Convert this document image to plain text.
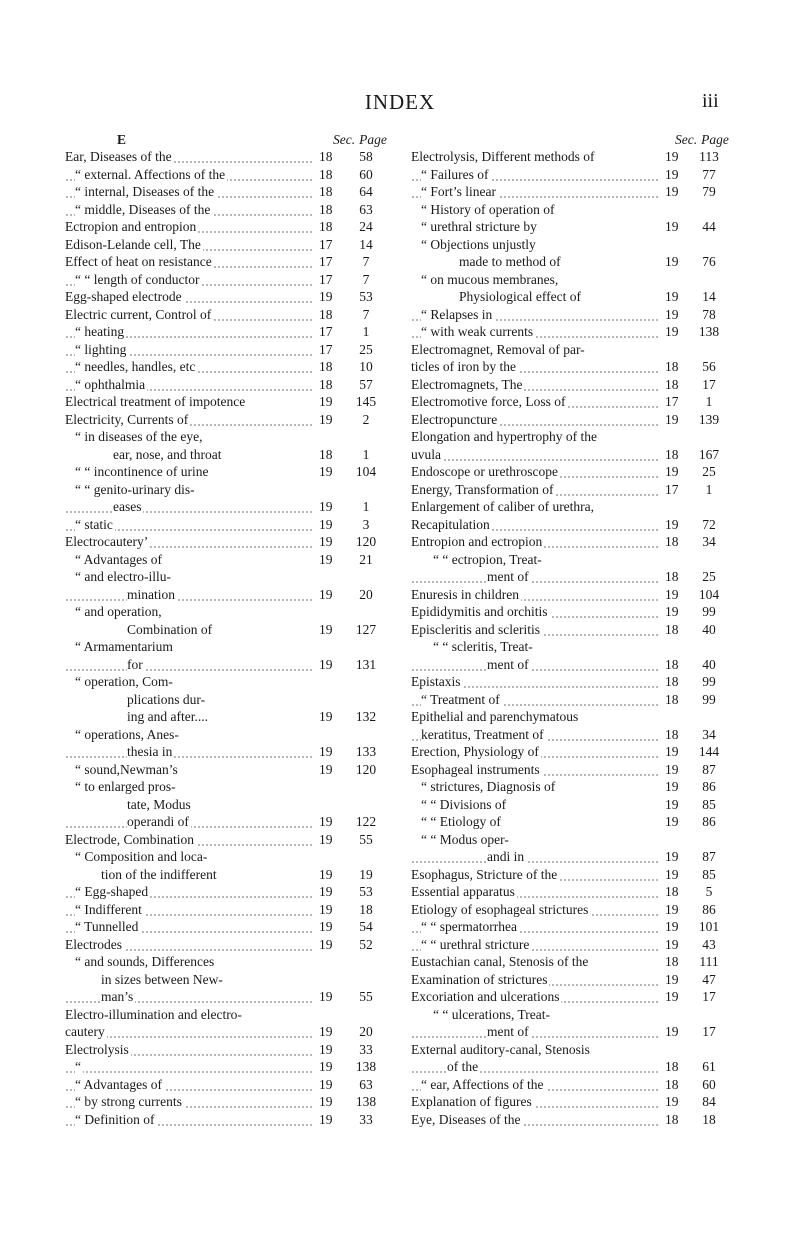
INDEX	iii
E	Sec. Page
Ear, Diseases of the	18	58
“ external. Affections of the	18	60
“ internal, Diseases of the	18	64
“ middle, Diseases of the	18	63
Ectropion and entropion	18	24
Edison-Lelande cell, The	17	14
Effect of heat on resistance	17	7
“ “ length of conductor	17	7
Egg-shaped electrode	19	53
Electric current, Control of	18	7
“ heating	17	1
“ lighting	17	25
“ needles, handles, etc	18	10
“ ophthalmia	18	57
Electrical treatment of impotence	19	145
Electricity, Currents of	19	2
“ in diseases of the eye,
ear, nose, and throat	18	1
“ “ incontinence of urine	19	104
“ “ genito-urinary dis-
eases	19	1
“ static	19	3
Electrocautery’	19	120
“ Advantages of	19	21
“ and electro-illu-
mination	19	20
“ and operation,
Combination of	19	127
“ Armamentarium
for	19	131
“ operation, Com-
plications dur-
ing and after....	19	132
“ operations, Anes-
thesia in	19	133
“ sound,Newman’s	19	120
“ to enlarged pros-
tate, Modus
operandi of	19	122
Electrode, Combination	19	55
“ Composition and loca-
tion of the indifferent	19	19
“ Egg-shaped	19	53
“ Indifferent	19	18
“ Tunnelled	19	54
Electrodes	19	52
“ and sounds, Differences
in sizes between New-
man’s	19	55
Electro-illumination and electro-
cautery	19	20
Electrolysis	19	33
“	19	138
“ Advantages of	19	63
“ by strong currents	19	138
“ Definition of	19	33
Sec. Page
Electrolysis, Different methods of	19	113
“ Failures of	19	77
“ Fort’s linear	19	79
“ History of operation of
“ urethral stricture by	19	44
“ Objections unjustly
made to method of	19	76
“ on mucous membranes,
Physiological effect of	19	14
“ Relapses in	19	78
“ with weak currents	19	138
Electromagnet, Removal of par-
ticles of iron by the	18	56
Electromagnets, The	18	17
Electromotive force, Loss of	17	1
Electropuncture	19	139
Elongation and hypertrophy of the
uvula	18	167
Endoscope or urethroscope	19	25
Energy, Transformation of	17	1
Enlargement of caliber of urethra,
Recapitulation	19	72
Entropion and ectropion	18	34
“ “ ectropion, Treat-
ment of	18	25
Enuresis in children	19	104
Epididymitis and orchitis	19	99
Episcleritis and scleritis	18	40
“ “ scleritis, Treat-
ment of	18	40
Epistaxis	18	99
“ Treatment of	18	99
Epithelial and parenchymatous
keratitus, Treatment of	18	34
Erection, Physiology of	19	144
Esophageal instruments	19	87
“ strictures, Diagnosis of	19	86
“ “ Divisions of	19	85
“ “ Etiology of	19	86
“ “ Modus oper-
andi in	19	87
Esophagus, Stricture of the	19	85
Essential apparatus	18	5
Etiology of esophageal strictures	19	86
“ “ spermatorrhea	19	101
“ “ urethral stricture	19	43
Eustachian canal, Stenosis of the	18	111
Examination of strictures	19	47
Excoriation and ulcerations	19	17
“ “ ulcerations, Treat-
ment of	19	17
External auditory-canal, Stenosis
of the	18	61
“ ear, Affections of the	18	60
Explanation of figures	19	84
Eye, Diseases of the	18	18
